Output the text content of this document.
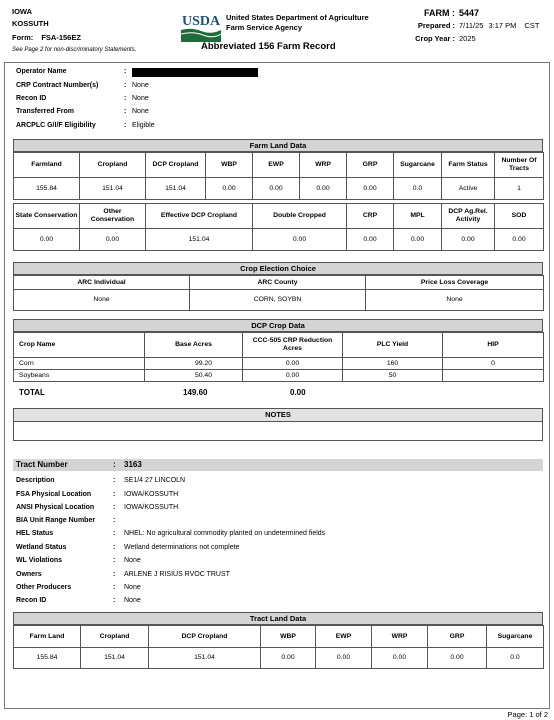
IOWA
KOSSUTH
Form: FSA-156EZ
See Page 2 for non-discriminatory Statements.
USDA United States Department of Agriculture
Farm Service Agency
Abbreviated 156 Farm Record
FARM : 5447
Prepared : 7/11/25 3:17 PM CST
Crop Year : 2025
Operator Name	:
CRP Contract Number(s)	: None
Recon ID	: None
Transferred From	: None
ARCPLC G/I/F Eligibility	: Eligible
Farm Land Data
Farmland	Cropland	DCP Cropland	WBP	EWP	WRP	GRP	Sugarcane	Farm Status	Number Of Tracts
155.84	151.04	151.04	0.00	0.00	0.00	0.00	0.0	Active	1
State Conservation	Other Conservation	Effective DCP Cropland	Double Cropped	CRP	MPL	DCP Ag.Rel. Activity	SOD
0.00	0.00	151.04	0.00	0.00	0.00	0.00	0.00
Crop Election Choice
ARC Individual	ARC County	Price Loss Coverage
None	CORN, SOYBN	None
DCP Crop Data
Crop Name	Base Acres	CCC-505 CRP Reduction Acres	PLC Yield	HIP
Corn	99.20	0.00	160	0
Soybeans	50.40	0.00	50	
TOTAL	149.60	0.00
NOTES
Tract Number	: 3163
Description	: SE1/4 27 LINCOLN
FSA Physical Location	: IOWA/KOSSUTH
ANSI Physical Location	: IOWA/KOSSUTH
BIA Unit Range Number	:
HEL Status	: NHEL: No agricultural commodity planted on undetermined fields
Wetland Status	: Wetland determinations not complete
WL Violations	: None
Owners	: ARLENE J RISIUS RVOC TRUST
Other Producers	: None
Recon ID	: None
Tract Land Data
Farm Land	Cropland	DCP Cropland	WBP	EWP	WRP	GRP	Sugarcane
155.84	151.04	151.04	0.00	0.00	0.00	0.00	0.0
Page: 1 of 2
